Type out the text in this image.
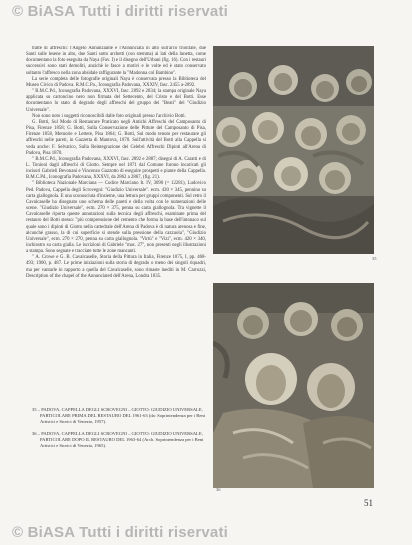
© BiASA Tutti i diritti riservati

tratte di affreschi: l'Angelo Annunziante e l'Annunciata in alto sull'arco trionfale, due Santi sulle lesene in alto, due Santi sotto archetti (con stemma) ai lati della lunetta, come documentano la foto eseguita da Naya (Fav. I) e il disegno dell'Urbani (fig. 16). Con i restauri successivi sono stati demoliti, anzichè le fasce a motivi e le volte ed è stato conservato soltanto l'affresco nella zona absidale raffigurante la "Madonna col Bambino".

La serie completa delle fotografie originali Naya è conservata presso la Biblioteca del Museo Civico di Padova. R.M.C.Pa., Iconografia Padovana, XXXIV, fasc. 2455 a-2892.

" B.M.C.Pd., Iconografia Padovana, XXXVI, fasc. 2892 e 2834; la stampa originale Naya applicata su cartoncino nero non firmata del Settecento, del Cristo e del Botti. Esse documentano lo stato di degrado degli affreschi del gruppo dei "Beati" del "Giudizio Universale".

Non sono noto i soggetti riconoscibili dalle foto originali presso l'archivio Botti.

G. Botti, Sul Modo di Restaurare Praticato negli Antichi Affreschi del Camposanto di Pisa, Firenze 1858; G. Botti, Sulla Conservazione delle Pitture del Camposanto di Pisa, Firenze 1858, Memorie e Lettere, Pisa 1864; G. Botti, Sul modo tenuto per restaurare gli affreschi nelle pareti, in Gazzetta di Mantova, 1870. Sull'attività del Botti alla Cappella si veda anche: F. Selvatico, Sulla Reintegrazione dei Celebri Affreschi Dipinti all'Arena di Padova, Pisa 1870.

" B.M.C.Pd., Iconografia Padovana, XXXVI, fasc. 2892 e 2887; disegni di A. Caratti e di L. Tonioni dagli affreschi di Giotto. Sempre nel 1871 dal Comune furono incaricati gli incisori Gabrieli Bevonani e Vincenzo Gazzotto di eseguire prospetti e piante della Cappella. B.M.C.Pd., Iconografia Padovana, XXXVI, da 2862 a 2867, (fig. 21).

" Biblioteca Nazionale Marciana — Codice Marciano It. IV, 3090 (= 12281), Ludovico Ped. Padova, Cappella degli Scrovegni: "Giudizio Universale". ecm. 430 × 345, pennino su carta giallognola. E una sconosciuta d'insieme, una lettura per gruppi componenti. Sul retro il Cavalcaselle ha disegnato uno schema delle pareti e della volta con le numerazioni delle scene. "Giudizio Universale", ecm. 270 × 375, penna su carta giallognola. Tra vignette il Cavalcaselle riporta queste annotazioni sulla tecnica degli affreschi, esaminate prima del restauro del Botti stesso: "più comprensione del cemento che forma la base dell'intonaco sul quale sono i dipinti di Giotto nella cattedrale dell'Arena di Padova è di natura arenosa e fine, alcunché grasso, la di cui superficie si stende sulla pressione della cazzuola", "Giudizio Universale", ecm. 270 × 270, penna su carta giallognola. "Virtù" e "Vizi", ecm. 420 × 340, inchiostro su carta gialla. Le iscrizioni di Gabriele "mac. 27", non presenti negli illustrazioni a stampa. Sono segnate e tracciate tutte le zone mancanti.

" A. Crowe e G. B. Cavalcaselle, Storia della Pittura in Italia, Firenze 1875, I, pp. 468-493; 1900, p. 487. Le prime iniziazioni sulla storia di degrado o meno dei singoli riquadri, ma per vantarle in rapporto a quella del Cavalcaselle, sono rimaste inediti in M. Carrozzi, Description of the chapel of the Annunciated dell'Arena, Londra 1835.

35
36
35 – PADOVA, CAPPELLA DEGLI SCROVEGNI – GIOTTO: GIUDIZIO UNIVERSALE, PARTICOLARE PRIMA DEL RESTAURO DEL 1961-63 (da: Soprintendenza per i Beni Artistici e Storici di Venezia, 1957).
36 – PADOVA, CAPPELLA DEGLI SCROVEGNI – GIOTTO: GIUDIZIO UNIVERSALE, PARTICOLARE DOPO IL RESTAURO DEL 1963-64 (Arch. Soprintendenza per i Beni Artistici e Storici di Venezia, 1965).
51
© BiASA Tutti i diritti riservati
